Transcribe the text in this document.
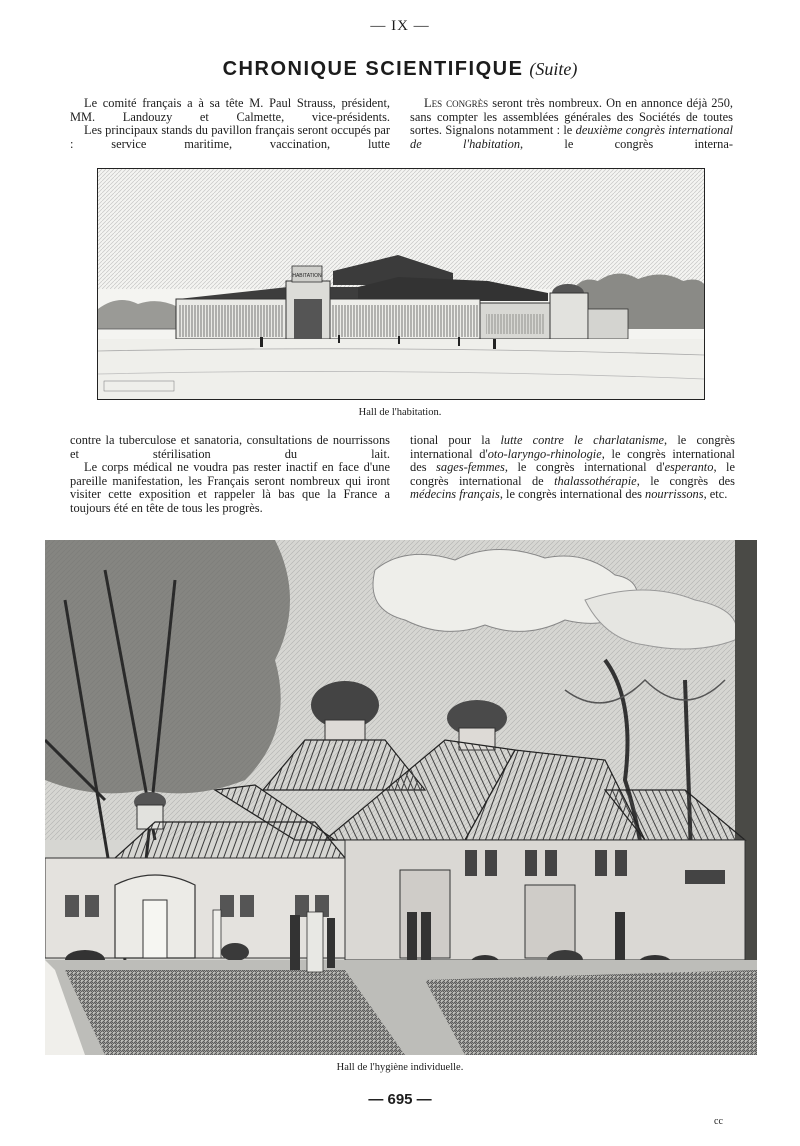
— IX —
CHRONIQUE SCIENTIFIQUE (Suite)

Le comité français a à sa tête M. Paul Strauss, président, MM. Landouzy et Calmette, vice-présidents.

Les principaux stands du pavillon français seront occupés par : service maritime, vaccination, lutte

Les congrès seront très nombreux. On en annonce déjà 250, sans compter les assemblées générales des Sociétés de toutes sortes. Signalons notamment : le deuxième congrès international de l'habitation, le congrès interna-

HABITATION
Hall de l'habitation.

contre la tuberculose et sanatoria, consultations de nourrissons et stérilisation du lait.

Le corps médical ne voudra pas rester inactif en face d'une pareille manifestation, les Français seront nombreux qui iront visiter cette exposition et rappeler là bas que la France a toujours été en tête de tous les progrès.

tional pour la lutte contre le charlatanisme, le congrès international d'oto-laryngo-rhinologie, le congrès international des sages-femmes, le congrès international d'esperanto, le congrès international de thalassothérapie, le congrès des médecins français, le congrès international des nourrissons, etc.

Hall de l'hygiène individuelle.
— 695 —
cc
